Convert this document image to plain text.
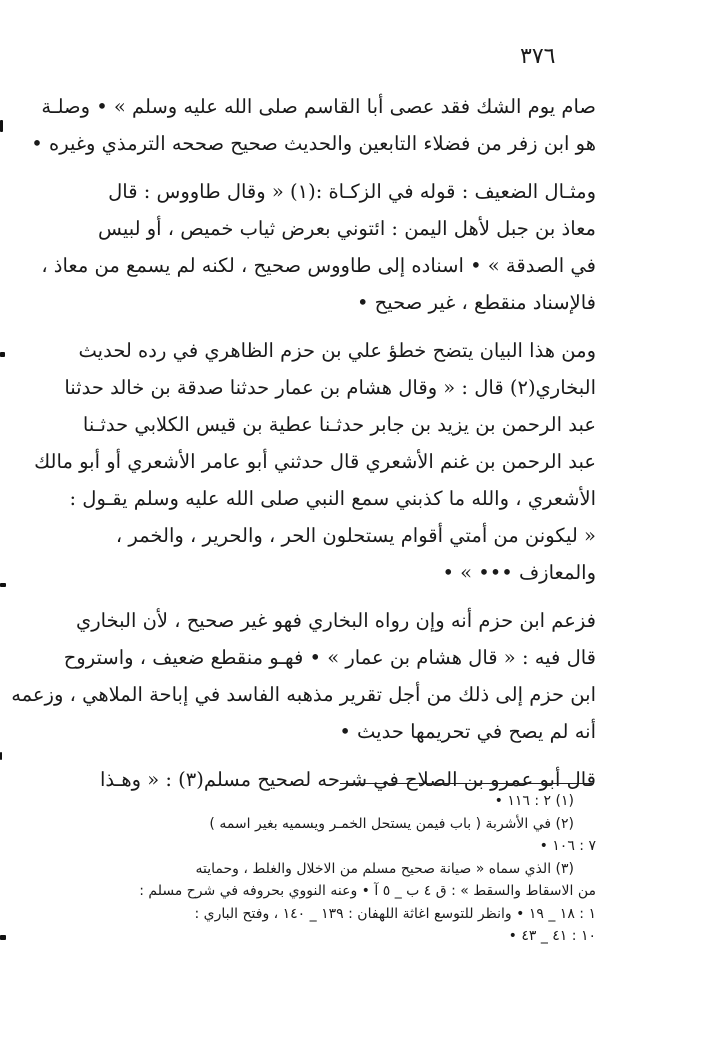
٣٧٦
صام يوم الشك فقد عصى أبا القاسم صلى الله عليه وسلم » • وصلـة
هو ابن زفر من فضلاء التابعين والحديث صحيح صححه الترمذي وغيره •
ومثـال الضعيف : قوله في الزكـاة :(١) « وقال طاووس : قال
معاذ بن جبل لأهل اليمن : ائتوني بعرض ثياب خميص ، أو لبيس
في الصدقة » • اسناده إلى طاووس صحيح ، لكنه لم يسمع من معاذ ،
فالإسناد منقطع ، غير صحيح •
ومن هذا البيان يتضح خطؤ علي بن حزم الظاهري في رده لحديث
البخاري(٢) قال : « وقال هشام بن عمار حدثنا صدقة بن خالد حدثنا
عبد الرحمن بن يزيد بن جابر حدثـنا عطية بن قيس الكلابي حدثـنا
عبد الرحمن بن غنم الأشعري قال حدثني أبو عامر الأشعري أو أبو مالك
الأشعري ، والله ما كذبني سمع النبي صلى الله عليه وسلم يقـول :
« ليكونن من أمتي أقوام يستحلون الحر ، والحرير ، والخمر ،
والمعازف ••• » •
فزعم ابن حزم أنه وإن رواه البخاري فهو غير صحيح ، لأن البخاري
قال فيه : « قال هشام بن عمار » • فهـو منقطع ضعيف ، واستروح
ابن حزم إلى ذلك من أجل تقرير مذهبه الفاسد في إباحة الملاهي ، وزعمه
أنه لم يصح في تحريمها حديث •
قال أبو عمرو بن الصلاح في شرحه لصحيح مسلم(٣) : « وهـذا
(١) ٢ : ١١٦ •
(٢) في الأشربة ( باب فيمن يستحل الخمـر ويسميه بغير اسمه )
٧ : ١٠٦ •
(٣) الذي سماه « صيانة صحيح مسلم من الاخلال والغلط ، وحمايته
من الاسقاط والسقط » : ق ٤ ب _ ٥ آ • وعنه النووي بحروفه في شرح مسلم :
١ : ١٨ _ ١٩ • وانظر للتوسع اغاثة اللهفان : ١٣٩ _ ١٤٠ ، وفتح الباري :
١٠ : ٤١ _ ٤٣ •
